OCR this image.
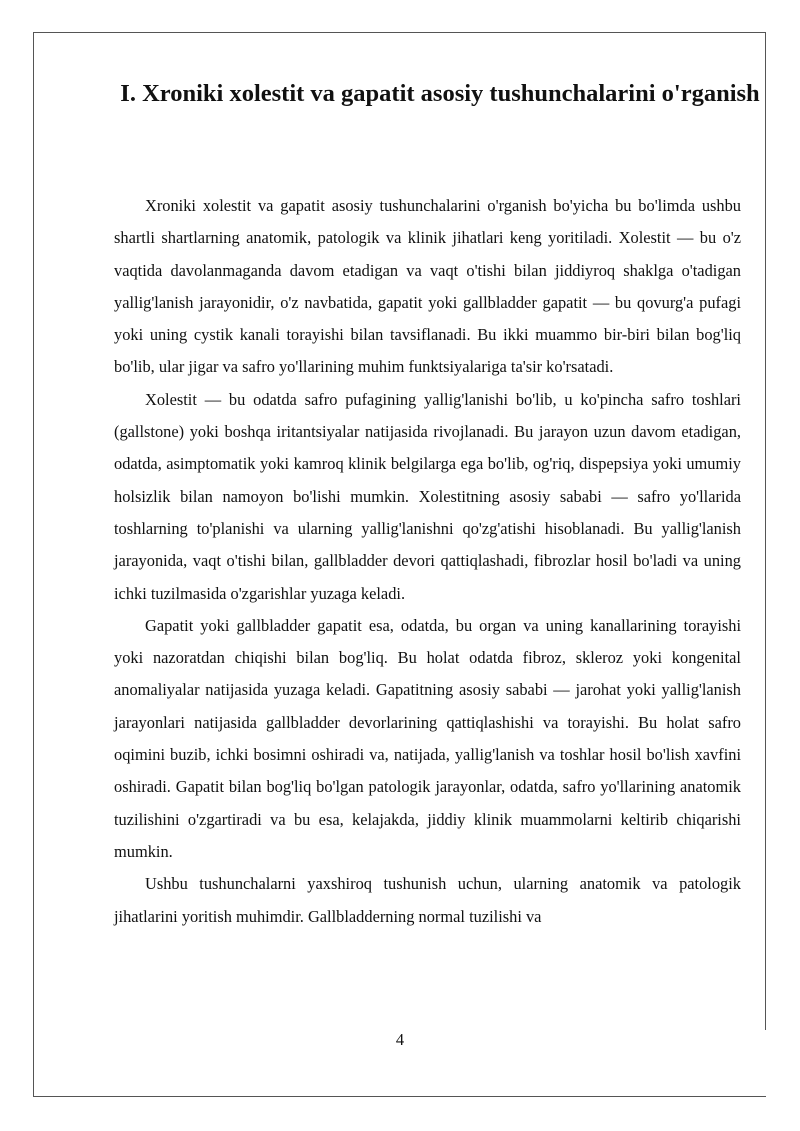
I. Xroniki xolestit va gapatit asosiy tushunchalarini o'rganish

Xroniki xolestit va gapatit asosiy tushunchalarini o'rganish bo'yicha bu bo'limda ushbu shartli shartlarning anatomik, patologik va klinik jihatlari keng yoritiladi. Xolestit — bu o'z vaqtida davolanmaganda davom etadigan va vaqt o'tishi bilan jiddiyroq shaklga o'tadigan yallig'lanish jarayonidir, o'z navbatida, gapatit yoki gallbladder gapatit — bu qovurg'a pufagi yoki uning cystik kanali torayishi bilan tavsiflanadi. Bu ikki muammo bir-biri bilan bog'liq bo'lib, ular jigar va safro yo'llarining muhim funktsiyalariga ta'sir ko'rsatadi.

Xolestit — bu odatda safro pufagining yallig'lanishi bo'lib, u ko'pincha safro toshlari (gallstone) yoki boshqa iritantsiyalar natijasida rivojlanadi. Bu jarayon uzun davom etadigan, odatda, asimptomatik yoki kamroq klinik belgilarga ega bo'lib, og'riq, dispepsiya yoki umumiy holsizlik bilan namoyon bo'lishi mumkin. Xolestitning asosiy sababi — safro yo'llarida toshlarning to'planishi va ularning yallig'lanishni qo'zg'atishi hisoblanadi. Bu yallig'lanish jarayonida, vaqt o'tishi bilan, gallbladder devori qattiqlashadi, fibrozlar hosil bo'ladi va uning ichki tuzilmasida o'zgarishlar yuzaga keladi.

Gapatit yoki gallbladder gapatit esa, odatda, bu organ va uning kanallarining torayishi yoki nazoratdan chiqishi bilan bog'liq. Bu holat odatda fibroz, skleroz yoki kongenital anomaliyalar natijasida yuzaga keladi. Gapatitning asosiy sababi — jarohat yoki yallig'lanish jarayonlari natijasida gallbladder devorlarining qattiqlashishi va torayishi. Bu holat safro oqimini buzib, ichki bosimni oshiradi va, natijada, yallig'lanish va toshlar hosil bo'lish xavfini oshiradi. Gapatit bilan bog'liq bo'lgan patologik jarayonlar, odatda, safro yo'llarining anatomik tuzilishini o'zgartiradi va bu esa, kelajakda, jiddiy klinik muammolarni keltirib chiqarishi mumkin.

Ushbu tushunchalarni yaxshiroq tushunish uchun, ularning anatomik va patologik jihatlarini yoritish muhimdir. Gallbladderning normal tuzilishi va

4
